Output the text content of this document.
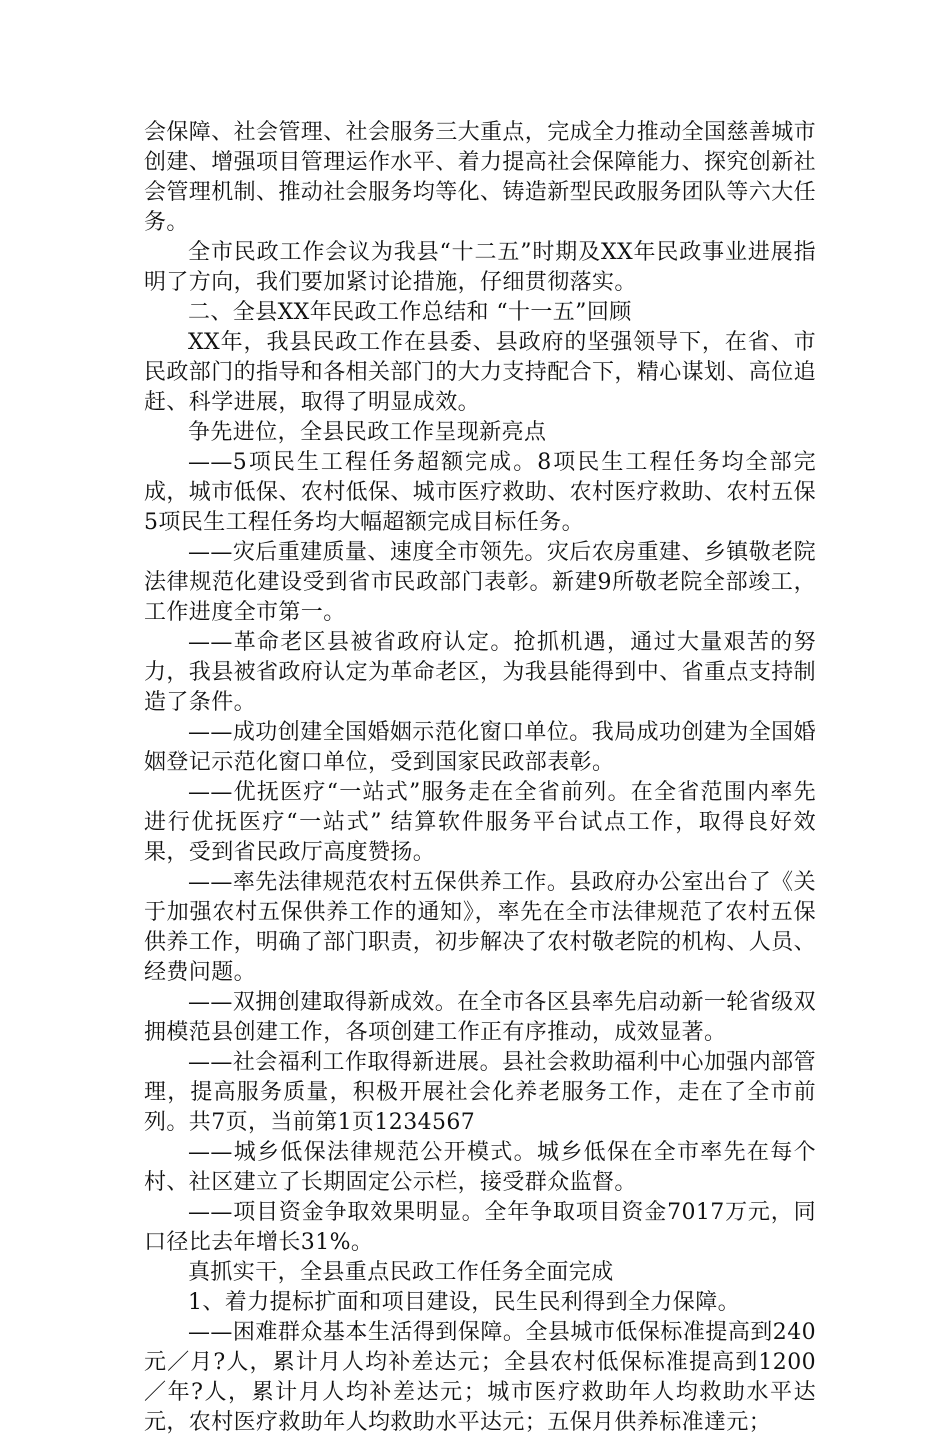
会保障、社会管理、社会服务三大重点，完成全力推动全国慈善城市创建、增强项目管理运作水平、着力提高社会保障能力、探究创新社会管理机制、推动社会服务均等化、铸造新型民政服务团队等六大任务。

全市民政工作会议为我县“十二五”时期及XX年民政事业进展指明了方向，我们要加紧讨论措施，仔细贯彻落实。

二、全县XX年民政工作总结和 “十一五”回顾

XX年，我县民政工作在县委、县政府的坚强领导下，在省、市民政部门的指导和各相关部门的大力支持配合下，精心谋划、高位追赶、科学进展，取得了明显成效。

争先进位，全县民政工作呈现新亮点

——5项民生工程任务超额完成。8项民生工程任务均全部完成，城市低保、农村低保、城市医疗救助、农村医疗救助、农村五保5项民生工程任务均大幅超额完成目标任务。

——灾后重建质量、速度全市领先。灾后农房重建、乡镇敬老院法律规范化建设受到省市民政部门表彰。新建9所敬老院全部竣工，工作进度全市第一。

——革命老区县被省政府认定。抢抓机遇，通过大量艰苦的努力，我县被省政府认定为革命老区，为我县能得到中、省重点支持制造了条件。

——成功创建全国婚姻示范化窗口单位。我局成功创建为全国婚姻登记示范化窗口单位，受到国家民政部表彰。

——优抚医疗“一站式”服务走在全省前列。在全省范围内率先进行优抚医疗“一站式” 结算软件服务平台试点工作，取得良好效果，受到省民政厅高度赞扬。

——率先法律规范农村五保供养工作。县政府办公室出台了《关于加强农村五保供养工作的通知》，率先在全市法律规范了农村五保供养工作，明确了部门职责，初步解决了农村敬老院的机构、人员、经费问题。

——双拥创建取得新成效。在全市各区县率先启动新一轮省级双拥模范县创建工作，各项创建工作正有序推动，成效显著。

——社会福利工作取得新进展。县社会救助福利中心加强内部管理，提高服务质量，积极开展社会化养老服务工作，走在了全市前列。共7页，当前第1页1234567

——城乡低保法律规范公开模式。城乡低保在全市率先在每个村、社区建立了长期固定公示栏，接受群众监督。

——项目资金争取效果明显。全年争取项目资金7017万元，同口径比去年增长31%。

真抓实干，全县重点民政工作任务全面完成

1、着力提标扩面和项目建设，民生民利得到全力保障。

——困难群众基本生活得到保障。全县城市低保标准提高到240元／月?人，累计月人均补差达元；全县农村低保标准提高到1200／年?人，累计月人均补差达元；城市医疗救助年人均救助水平达元，农村医疗救助年人均救助水平达元；五保月供养标准達元；
